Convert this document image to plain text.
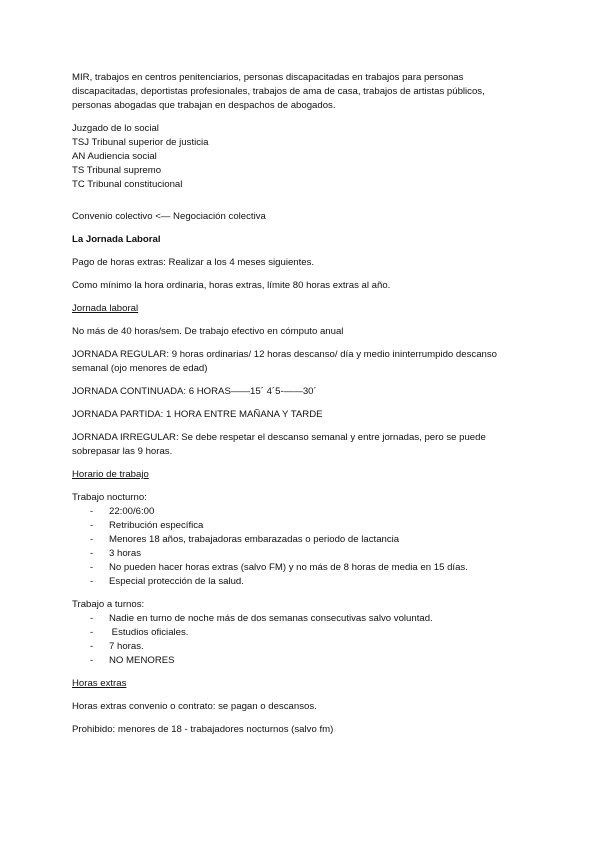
MIR, trabajos en centros penitenciarios, personas discapacitadas en trabajos para personas

discapacitadas, deportistas profesionales, trabajos de ama de casa, trabajos de artistas públicos,

personas abogadas que trabajan en despachos de abogados.

Juzgado de lo social

TSJ Tribunal superior de justicia

AN Audiencia social

TS Tribunal supremo

TC Tribunal constitucional

Convenio colectivo <— Negociación colectiva

La Jornada Laboral

Pago de horas extras: Realizar a los 4 meses siguientes.

Como mínimo la hora ordinaria, horas extras, límite 80 horas extras al año.

Jornada laboral

No más de 40 horas/sem. De trabajo efectivo en cómputo anual

JORNADA REGULAR: 9 horas ordinarias/ 12 horas descanso/ día y medio ininterrumpido descanso

semanal (ojo menores de edad)

JORNADA CONTINUADA: 6 HORAS——15´ 4´5-——30´

JORNADA PARTIDA: 1 HORA ENTRE MAÑANA Y TARDE

JORNADA IRREGULAR: Se debe respetar el descanso semanal y entre jornadas, pero se puede

sobrepasar las 9 horas.

Horario de trabajo

Trabajo nocturno:

- 22:00/6:00
- Retribución específica
- Menores 18 años, trabajadoras embarazadas o periodo de lactancia
- 3 horas
- No pueden hacer horas extras (salvo FM) y no más de 8 horas de media en 15 días.
- Especial protección de la salud.

Trabajo a turnos:

- Nadie en turno de noche más de dos semanas consecutivas salvo voluntad.
- Estudios oficiales.
- 7 horas.
- NO MENORES

Horas extras

Horas extras convenio o contrato: se pagan o descansos.

Prohibido: menores de 18 - trabajadores nocturnos (salvo fm)
